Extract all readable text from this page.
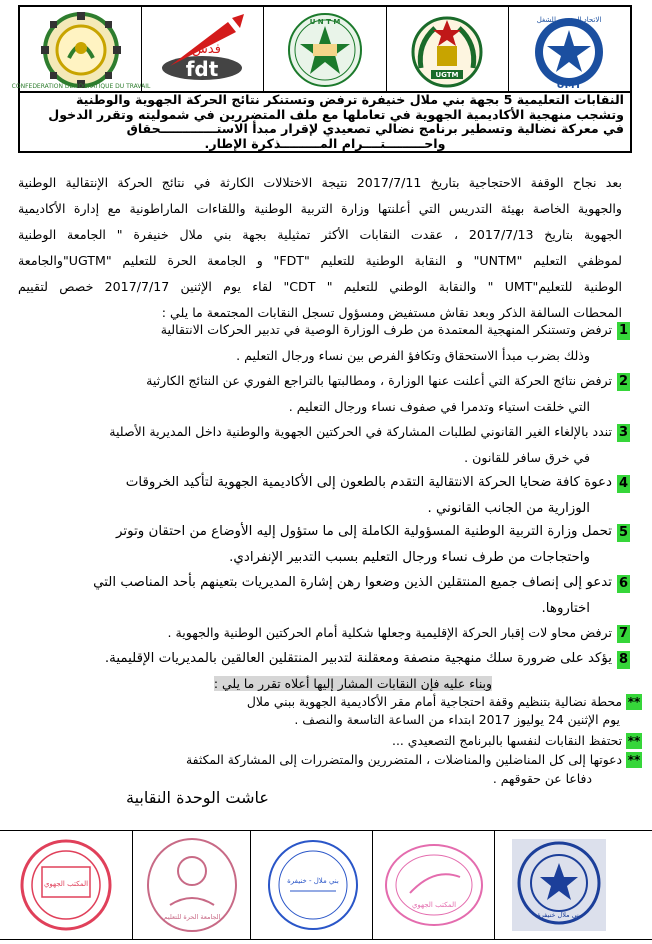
CONFEDERATION DEMOCRATIQUE DU TRAVAIL
فدش
fdt
U N T M
UGTM
الاتحاد المغربي للشغل
UMT

النقابات التعليمية 5 بجهة بني ملال خنيفرة ترفض وتستنكر نتائج الحركة الجهوية والوطنية

وتشجب منهجية الأكاديمية الجهوية في تعاملها مع ملف المتضررين في شموليته وتقرر الدخول

في معركة نضالية وتسطير برنامج نضالي تصعيدي لإقرار مبدأ الاستـــــــــــــحقاق

واحـــــــــتــــرام المـــــــــذكرة الإطار.

بعد نجاح الوقفة الاحتجاجية بتاريخ 2017/7/11 نتيجة الاختلالات الكارثة في نتائج الحركة الإنتقالية الوطنية

والجهوية الخاصة بهيئة التدريس التي أعلنتها وزارة التربية الوطنية واللقاءات الماراطونية مع إدارة الأكاديمية

الجهوية بتاريخ 2017/7/13 ، عقدت النقابات الأكثر تمثيلية بجهة بني ملال خنيفرة " الجامعة الوطنية

لموظفي التعليم "UNTM" و النقابة الوطنية للتعليم "FDT" و الجامعة الحرة للتعليم "UGTM"والجامعة

الوطنية للتعليم"UMT " والنقابة الوطني للتعليم " CDT" لقاء يوم الإثنين 2017/7/17 خصص لتقييم

المحطات السالفة الذكر وبعد نقاش مستفيض ومسؤول تسجل النقابات المجتمعة ما يلي :

1
ترفض وتستنكر المنهجية المعتمدة من طرف الوزارة الوصية في تدبير الحركات الانتقالية
وذلك بضرب مبدأ الاستحقاق وتكافؤ الفرص بين نساء ورجال التعليم .
2
ترفض نتائج الحركة التي أعلنت عنها الوزارة ، ومطالبتها بالتراجع الفوري عن النتائج الكارثية
التي خلقت استياء وتدمرا في صفوف نساء ورجال التعليم .
3
تندد بالإلغاء الغير القانوني لطلبات المشاركة في الحركتين الجهوية والوطنية داخل المديرية الأصلية
في خرق سافر للقانون .
4
دعوة كافة ضحايا الحركة الانتقالية التقدم بالطعون إلى الأكاديمية الجهوية لتأكيد الخروقات
الوزارية من الجانب القانوني .
5
تحمل وزارة التربية الوطنية المسؤولية الكاملة إلى ما ستؤول إليه الأوضاع من احتقان وتوتر
واحتجاجات من طرف نساء ورجال التعليم بسبب التدبير الإنفرادي.
6
تدعو إلى إنصاف جميع المنتقلين الذين وضعوا رهن إشارة المديريات بتعينهم بأحد المناصب التي
اختاروها.
7
ترفض محاو لات إقبار الحركة الإقليمية وجعلها شكلية أمام الحركتين الوطنية والجهوية .
8
يؤكد على ضرورة سلك منهجية منصفة ومعقلنة لتدبير المنتقلين العالقين بالمديريات الإقليمية.
وبناء عليه فإن النقابات المشار إليها أعلاه تقرر ما يلي :
** محطة نضالية بتنظيم وقفة احتجاجية أمام مقر الأكاديمية الجهوية ببني ملال
يوم الإثنين 24 يوليوز 2017 ابتداء من الساعة التاسعة والنصف .
** تحتفظ النقابات لنفسها بالبرنامج التصعيدي ...
** دعوتها إلى كل المناضلين والمناضلات ، المتضررين والمتضررات إلى المشاركة المكثفة
دفاعا عن حقوقهم .
عاشت الوحدة النقابية
المكتب الجهوي
الجامعة الحرة للتعليم
بني ملال - خنيفرة
المكتب الجهوي
بني ملال خنيفرة
